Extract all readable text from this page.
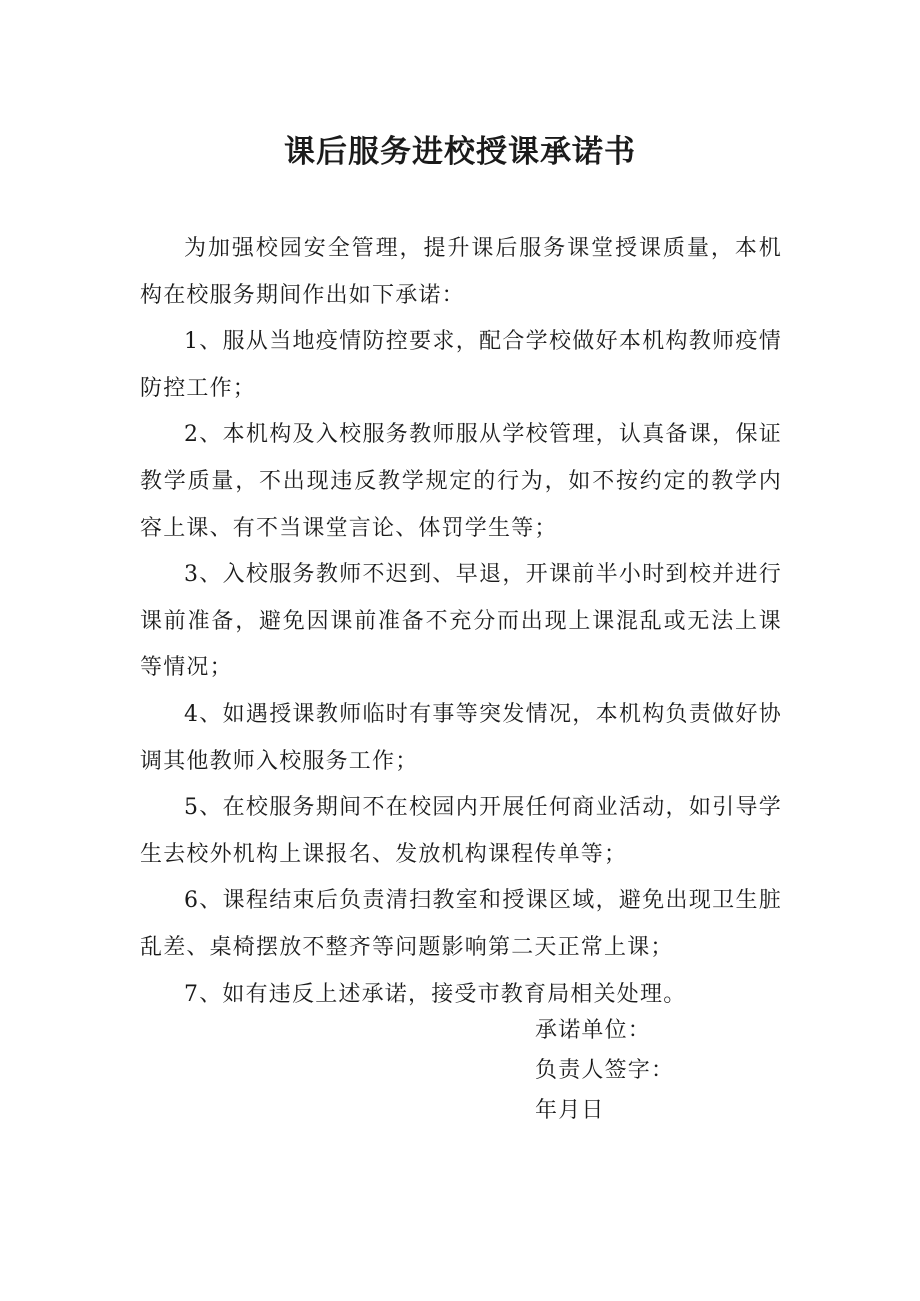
课后服务进校授课承诺书

为加强校园安全管理，提升课后服务课堂授课质量，本机构在校服务期间作出如下承诺：

1、服从当地疫情防控要求，配合学校做好本机构教师疫情防控工作；

2、本机构及入校服务教师服从学校管理，认真备课，保证教学质量，不出现违反教学规定的行为，如不按约定的教学内容上课、有不当课堂言论、体罚学生等；

3、入校服务教师不迟到、早退，开课前半小时到校并进行课前准备，避免因课前准备不充分而出现上课混乱或无法上课等情况；

4、如遇授课教师临时有事等突发情况，本机构负责做好协调其他教师入校服务工作；

5、在校服务期间不在校园内开展任何商业活动，如引导学生去校外机构上课报名、发放机构课程传单等；

6、课程结束后负责清扫教室和授课区域，避免出现卫生脏乱差、桌椅摆放不整齐等问题影响第二天正常上课；

7、如有违反上述承诺，接受市教育局相关处理。

承诺单位：
负责人签字：
年月日
